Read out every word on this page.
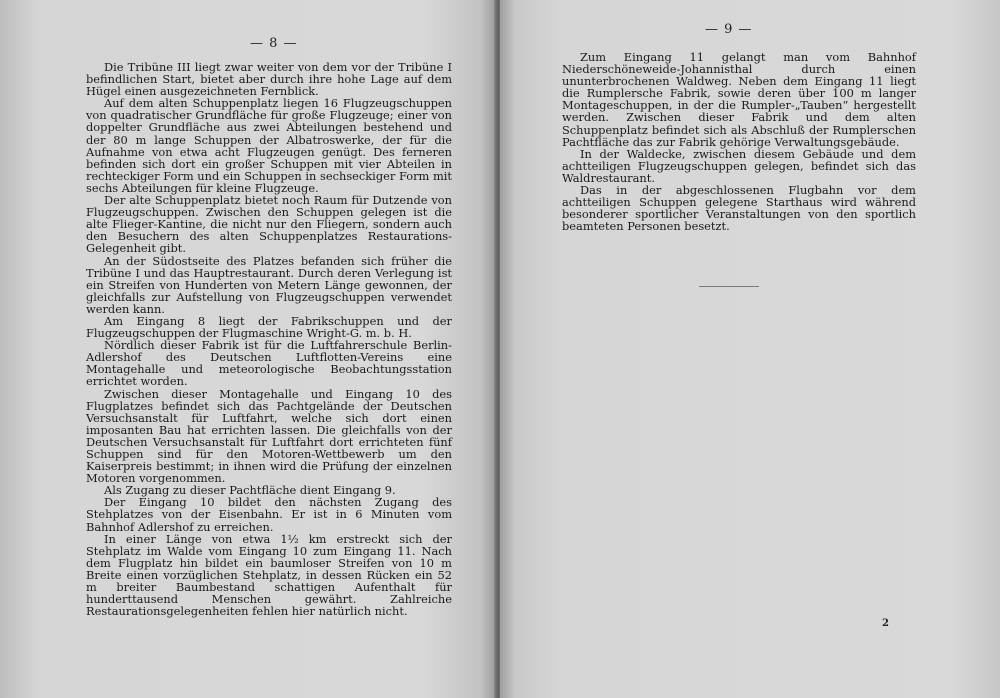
— 8 —

Die Tribüne III liegt zwar weiter von dem vor der Tribüne I befindlichen Start, bietet aber durch ihre hohe Lage auf dem Hügel einen ausgezeichneten Fernblick.

Auf dem alten Schuppenplatz liegen 16 Flugzeugschuppen von quadratischer Grundfläche für große Flugzeuge; einer von doppelter Grundfläche aus zwei Abteilungen bestehend und der 80 m lange Schuppen der Albatroswerke, der für die Aufnahme von etwa acht Flugzeugen genügt. Des ferneren befinden sich dort ein großer Schuppen mit vier Abteilen in rechteckiger Form und ein Schuppen in sechseckiger Form mit sechs Abteilungen für kleine Flugzeuge.

Der alte Schuppenplatz bietet noch Raum für Dutzende von Flugzeugschuppen. Zwischen den Schuppen gelegen ist die alte Flieger-Kantine, die nicht nur den Fliegern, sondern auch den Besuchern des alten Schuppenplatzes Restaurations-Gelegenheit gibt.

An der Südostseite des Platzes befanden sich früher die Tribüne I und das Hauptrestaurant. Durch deren Verlegung ist ein Streifen von Hunderten von Metern Länge gewonnen, der gleichfalls zur Aufstellung von Flugzeugschuppen verwendet werden kann.

Am Eingang 8 liegt der Fabrikschuppen und der Flugzeugschuppen der Flugmaschine Wright-G. m. b. H.

Nördlich dieser Fabrik ist für die Luftfahrerschule Berlin-Adlershof des Deutschen Luftflotten-Vereins eine Montagehalle und meteorologische Beobachtungsstation errichtet worden.

Zwischen dieser Montagehalle und Eingang 10 des Flugplatzes befindet sich das Pachtgelände der Deutschen Versuchsanstalt für Luftfahrt, welche sich dort einen imposanten Bau hat errichten lassen. Die gleichfalls von der Deutschen Versuchsanstalt für Luftfahrt dort errichteten fünf Schuppen sind für den Motoren-Wettbewerb um den Kaiserpreis bestimmt; in ihnen wird die Prüfung der einzelnen Motoren vorgenommen.

Als Zugang zu dieser Pachtfläche dient Eingang 9.

Der Eingang 10 bildet den nächsten Zugang des Stehplatzes von der Eisenbahn. Er ist in 6 Minuten vom Bahnhof Adlershof zu erreichen.

In einer Länge von etwa 1½ km erstreckt sich der Stehplatz im Walde vom Eingang 10 zum Eingang 11. Nach dem Flugplatz hin bildet ein baumloser Streifen von 10 m Breite einen vorzüglichen Stehplatz, in dessen Rücken ein 52 m breiter Baumbestand schattigen Aufenthalt für hunderttausend Menschen gewährt. Zahlreiche Restaurationsgelegenheiten fehlen hier natürlich nicht.

— 9 —

Zum Eingang 11 gelangt man vom Bahnhof Niederschöneweide-Johannisthal durch einen ununterbrochenen Waldweg. Neben dem Eingang 11 liegt die Rumplersche Fabrik, sowie deren über 100 m langer Montageschuppen, in der die Rumpler-„Tauben“ hergestellt werden. Zwischen dieser Fabrik und dem alten Schuppenplatz befindet sich als Abschluß der Rumplerschen Pachtfläche das zur Fabrik gehörige Verwaltungsgebäude.

In der Waldecke, zwischen diesem Gebäude und dem achtteiligen Flugzeugschuppen gelegen, befindet sich das Waldrestaurant.

Das in der abgeschlossenen Flugbahn vor dem achtteiligen Schuppen gelegene Starthaus wird während besonderer sportlicher Veranstaltungen von den sportlich beamteten Personen besetzt.

2
